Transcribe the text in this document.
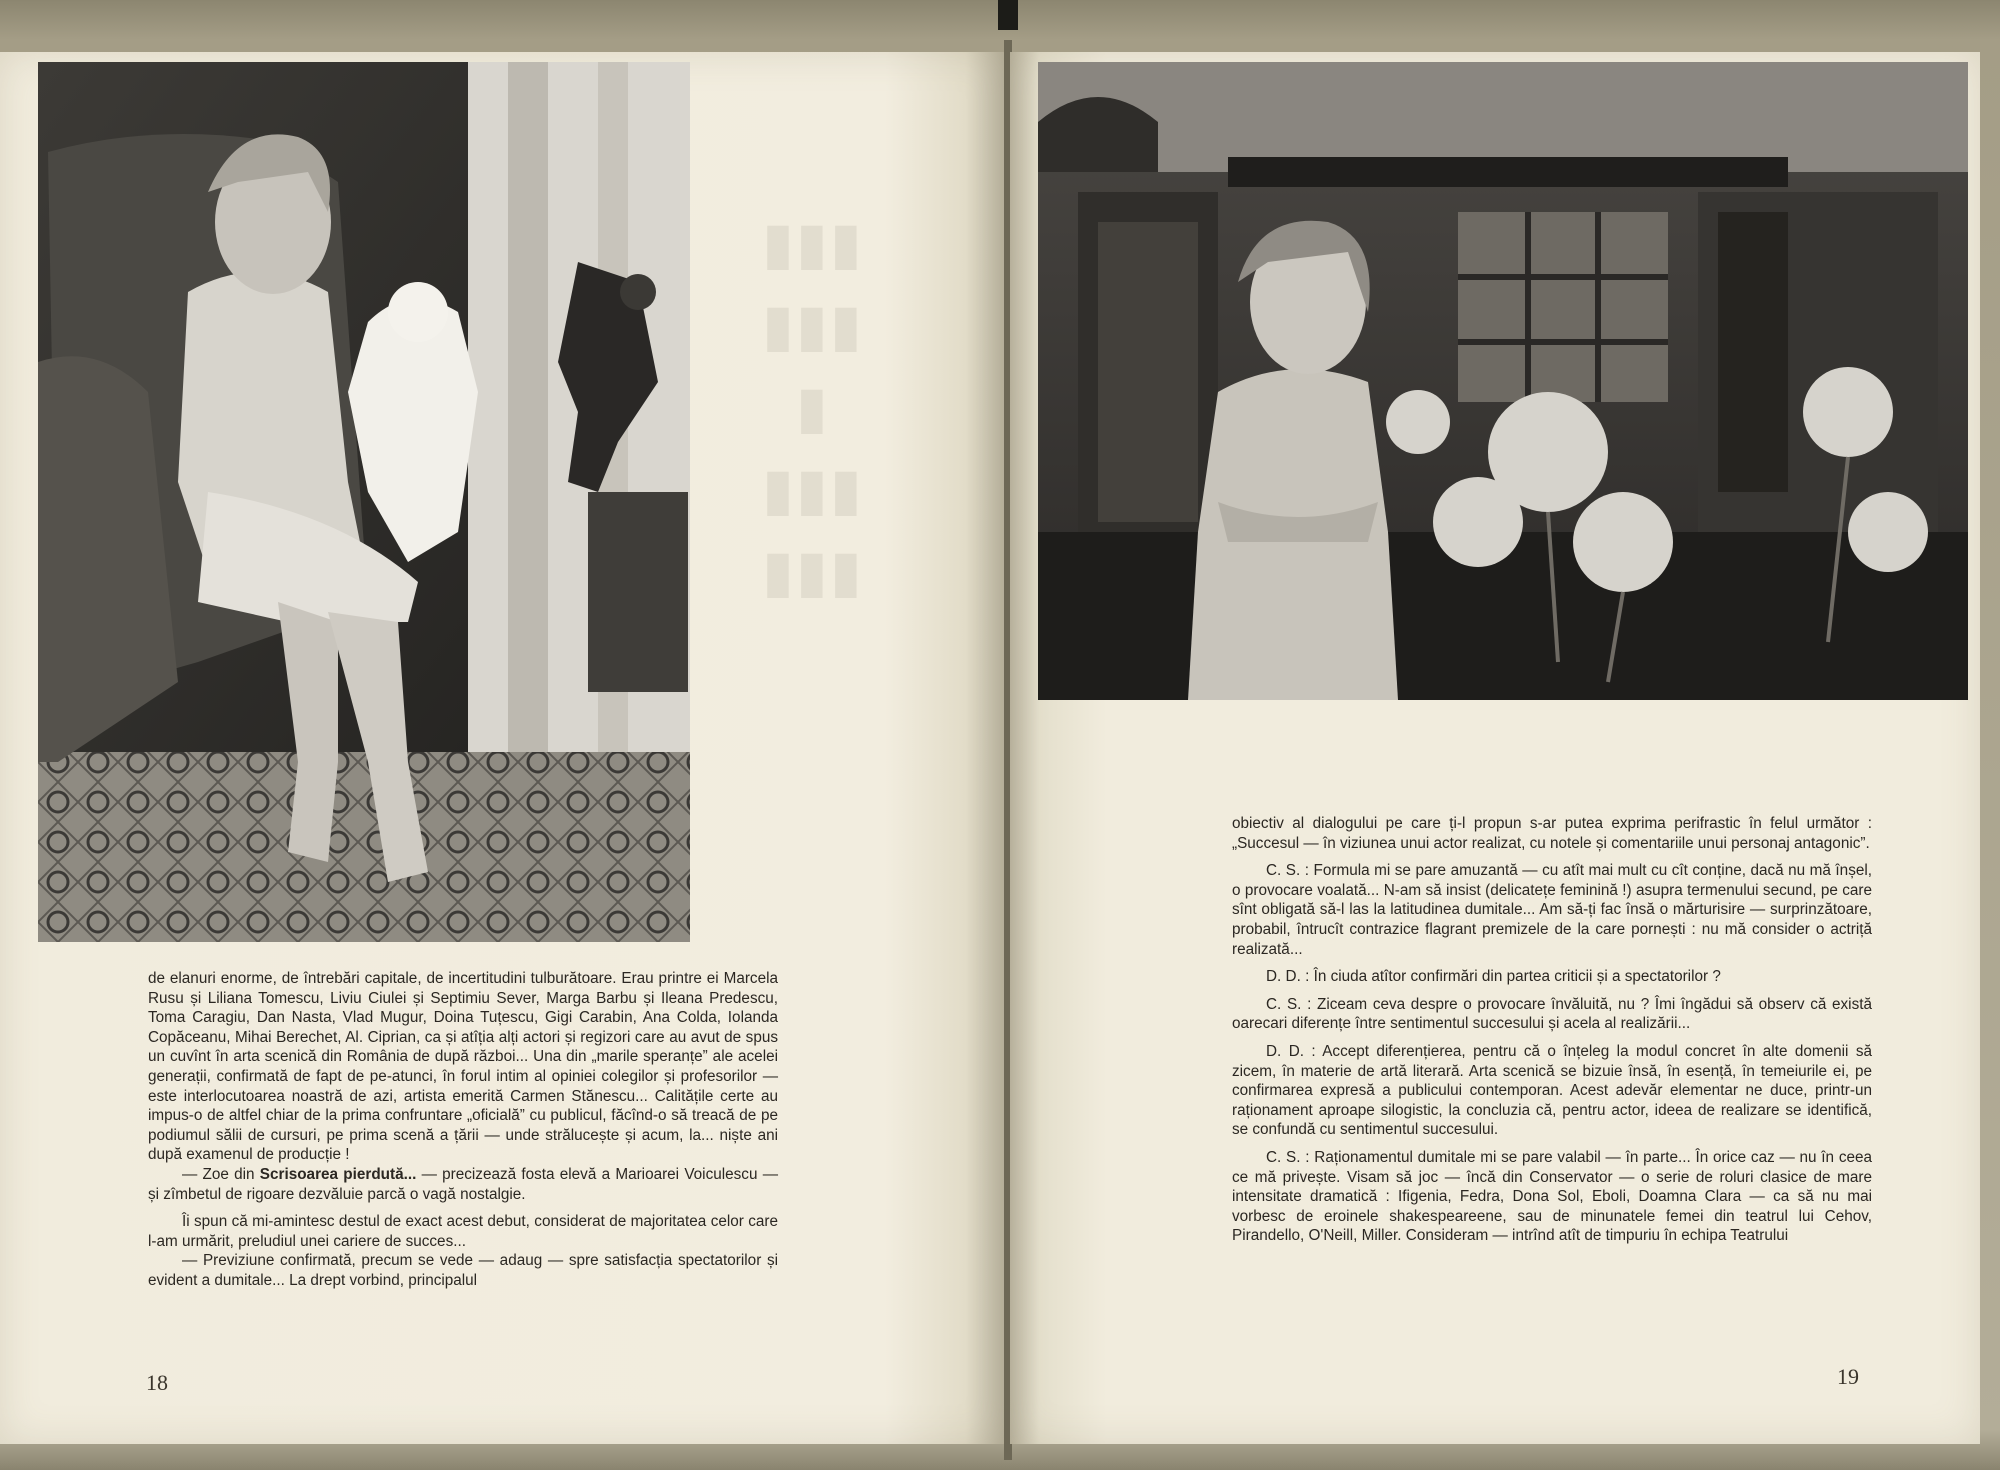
▮▮▮
▮▮▮
▮
▮▮▮
▮▮▮

de elanuri enorme, de întrebări capitale, de incertitudini tulburătoare. Erau printre ei Marcela Rusu și Liliana Tomescu, Liviu Ciulei și Septimiu Sever, Marga Barbu și Ileana Predescu, Toma Caragiu, Dan Nasta, Vlad Mugur, Doina Tuțescu, Gigi Carabin, Ana Colda, Iolanda Copăceanu, Mihai Berechet, Al. Ciprian, ca și atîția alți actori și regizori care au avut de spus un cuvînt în arta scenică din România de după război... Una din „marile speranțe” ale acelei generații, confirmată de fapt de pe-atunci, în forul intim al opiniei colegilor și profesorilor — este interlocutoarea noastră de azi, artista emerită Carmen Stănescu... Calitățile certe au impus-o de altfel chiar de la prima confruntare „oficială” cu publicul, făcînd-o să treacă de pe podiumul sălii de cursuri, pe prima scenă a țării — unde strălucește și acum, la... niște ani după examenul de producție !

— Zoe din Scrisoarea pierdută... — precizează fosta elevă a Marioarei Voiculescu — și zîmbetul de rigoare dezvăluie parcă o vagă nostalgie.

Îi spun că mi-amintesc destul de exact acest debut, considerat de majoritatea celor care l-am urmărit, preludiul unei cariere de succes...

— Previziune confirmată, precum se vede — adaug — spre satisfacția spectatorilor și evident a dumitale... La drept vorbind, principalul

18

obiectiv al dialogului pe care ți-l propun s-ar putea exprima perifrastic în felul următor : „Succesul — în viziunea unui actor realizat, cu notele și comentariile unui personaj antagonic”.

C. S. : Formula mi se pare amuzantă — cu atît mai mult cu cît conține, dacă nu mă înșel, o provocare voalată... N-am să insist (delicatețe feminină !) asupra termenului secund, pe care sînt obligată să-l las la latitudinea dumitale... Am să-ți fac însă o mărturisire — surprinzătoare, probabil, întrucît contrazice flagrant premizele de la care pornești : nu mă consider o actriță realizată...

D. D. : În ciuda atîtor confirmări din partea criticii și a spectatorilor ?

C. S. : Ziceam ceva despre o provocare învăluită, nu ? Îmi îngădui să observ că există oarecari diferențe între sentimentul succesului și acela al realizării...

D. D. : Accept diferențierea, pentru că o înțeleg la modul concret în alte domenii să zicem, în materie de artă literară. Arta scenică se bizuie însă, în esență, în temeiurile ei, pe confirmarea expresă a publicului contemporan. Acest adevăr elementar ne duce, printr-un raționament aproape silogistic, la concluzia că, pentru actor, ideea de realizare se identifică, se confundă cu sentimentul succesului.

C. S. : Raționamentul dumitale mi se pare valabil — în parte... În orice caz — nu în ceea ce mă privește. Visam să joc — încă din Conservator — o serie de roluri clasice de mare intensitate dramatică : Ifigenia, Fedra, Dona Sol, Eboli, Doamna Clara — ca să nu mai vorbesc de eroinele shakespeareene, sau de minunatele femei din teatrul lui Cehov, Pirandello, O'Neill, Miller. Consideram — intrînd atît de timpuriu în echipa Teatrului

19
